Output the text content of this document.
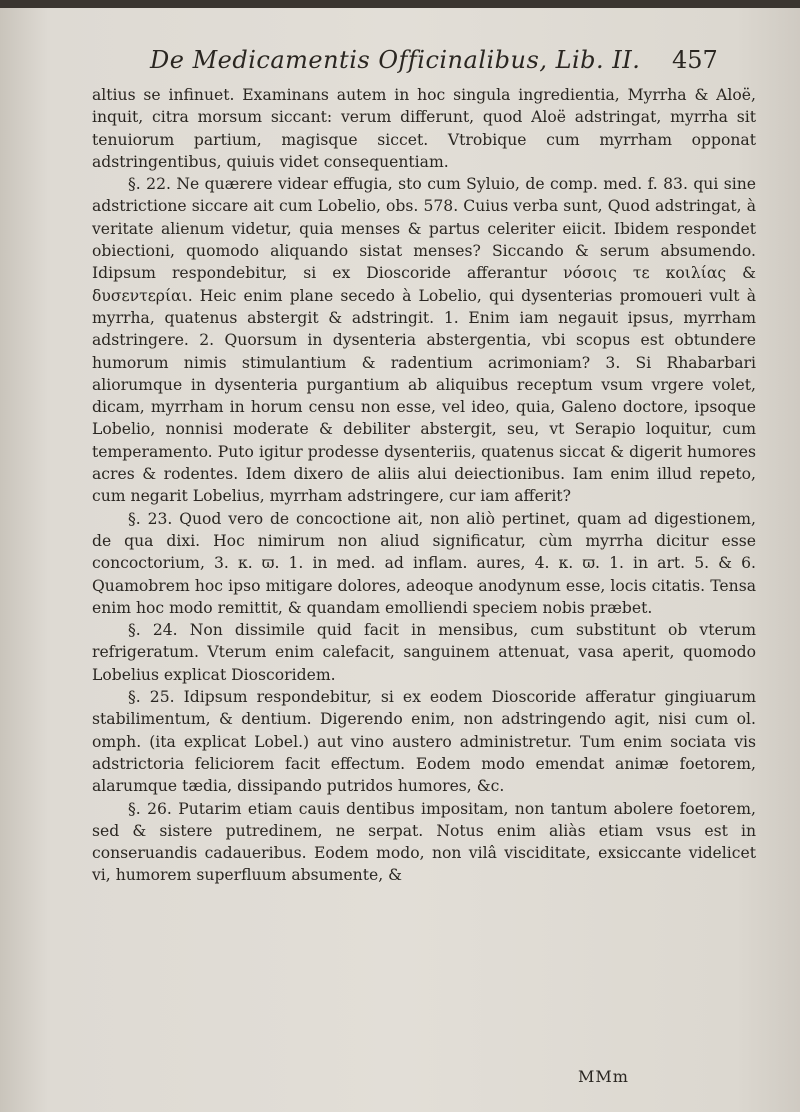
De Medicamentis Officinalibus, Lib. II. 457

altius se infinuet. Examinans autem in hoc singula ingredientia, Myrrha & Aloë, inquit, citra morsum siccant: verum differunt, quod Aloë adstringat, myrrha sit tenuiorum partium, magisque siccet. Vtrobique cum myrrham opponat adstringentibus, quiuis videt consequentiam.

§. 22. Ne quærere videar effugia, sto cum Syluio, de comp. med. f. 83. qui sine adstrictione siccare ait cum Lobelio, obs. 578. Cuius verba sunt, Quod adstringat, à veritate alienum videtur, quia menses & partus celeriter eiicit. Ibidem respondet obiectioni, quomodo aliquando sistat menses? Siccando & serum absumendo. Idipsum respondebitur, si ex Dioscoride afferantur νόσοις τε κοιλίας & δυσεντερίαι. Heic enim plane secedo à Lobelio, qui dysenterias promoueri vult à myrrha, quatenus abstergit & adstringit. 1. Enim iam negauit ipsus, myrrham adstringere. 2. Quorsum in dysenteria abstergentia, vbi scopus est obtundere humorum nimis stimulantium & radentium acrimoniam? 3. Si Rhabarbari aliorumque in dysenteria purgantium ab aliquibus receptum vsum vrgere volet, dicam, myrrham in horum censu non esse, vel ideo, quia, Galeno doctore, ipsoque Lobelio, nonnisi moderate & debiliter abstergit, seu, vt Serapio loquitur, cum temperamento. Puto igitur prodesse dysenteriis, quatenus siccat & digerit humores acres & rodentes. Idem dixero de aliis alui deiectionibus. Iam enim illud repeto, cum negarit Lobelius, myrrham adstringere, cur iam afferit?

§. 23. Quod vero de concoctione ait, non aliò pertinet, quam ad digestionem, de qua dixi. Hoc nimirum non aliud significatur, cùm myrrha dicitur esse concoctorium, 3. κ. ϖ. 1. in med. ad inflam. aures, 4. κ. ϖ. 1. in art. 5. & 6. Quamobrem hoc ipso mitigare dolores, adeoque anodynum esse, locis citatis. Tensa enim hoc modo remittit, & quandam emolliendi speciem nobis præbet.

§. 24. Non dissimile quid facit in mensibus, cum substitunt ob vterum refrigeratum. Vterum enim calefacit, sanguinem attenuat, vasa aperit, quomodo Lobelius explicat Dioscoridem.

§. 25. Idipsum respondebitur, si ex eodem Dioscoride afferatur gingiuarum stabilimentum, & dentium. Digerendo enim, non adstringendo agit, nisi cum ol. omph. (ita explicat Lobel.) aut vino austero administretur. Tum enim sociata vis adstrictoria feliciorem facit effectum. Eodem modo emendat animæ foetorem, alarumque tædia, dissipando putridos humores, &c.

§. 26. Putarim etiam cauis dentibus impositam, non tantum abolere foetorem, sed & sistere putredinem, ne serpat. Notus enim aliàs etiam vsus est in conseruandis cadaueribus. Eodem modo, non vilâ visciditate, exsiccante videlicet vi, humorem superfluum absumente, &

MMm
